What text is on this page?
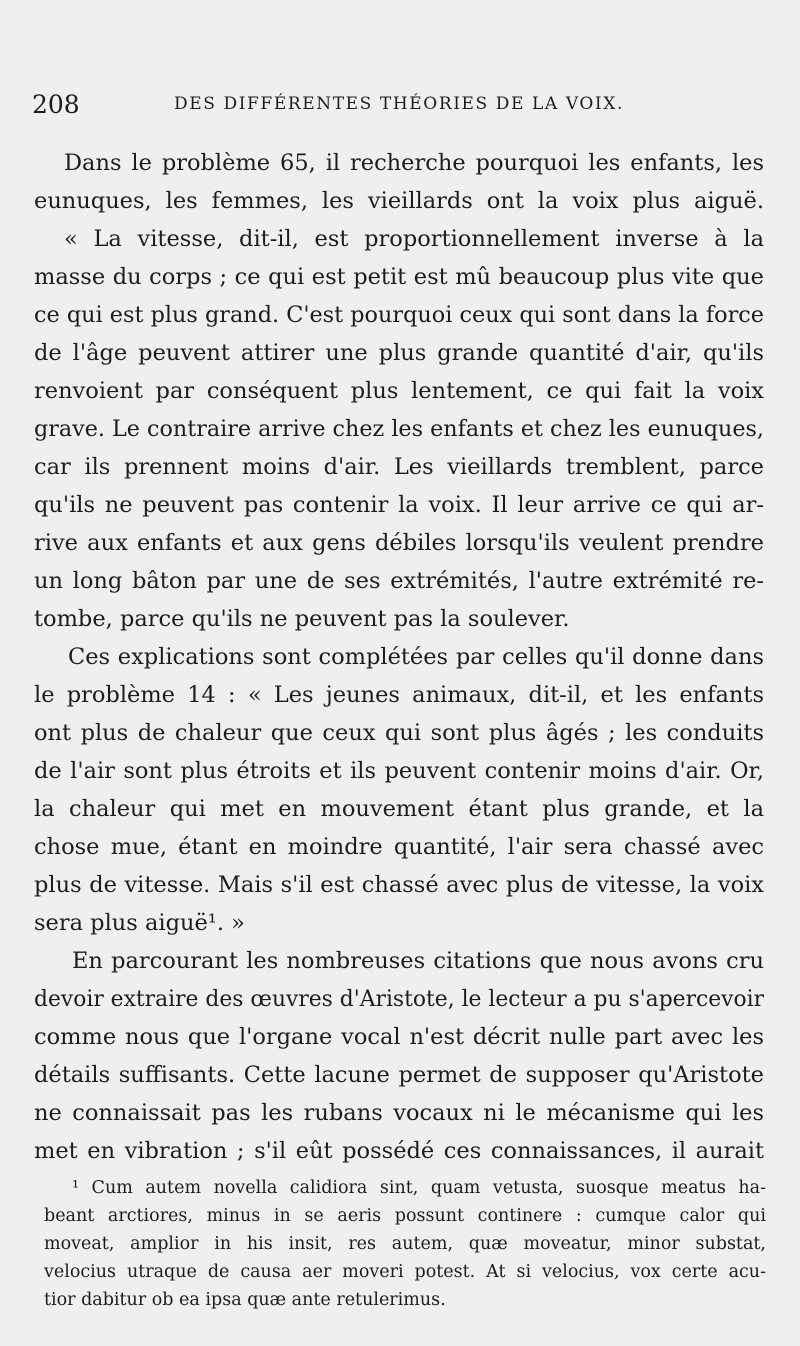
208	DES DIFFÉRENTES THÉORIES DE LA VOIX.
Dans le problème 65, il recherche pourquoi les enfants, les
eunuques, les femmes, les vieillards ont la voix plus aiguë.
« La vitesse, dit-il, est proportionnellement inverse à la
masse du corps ; ce qui est petit est mû beaucoup plus vite que
ce qui est plus grand. C'est pourquoi ceux qui sont dans la force
de l'âge peuvent attirer une plus grande quantité d'air, qu'ils
renvoient par conséquent plus lentement, ce qui fait la voix
grave. Le contraire arrive chez les enfants et chez les eunuques,
car ils prennent moins d'air. Les vieillards tremblent, parce
qu'ils ne peuvent pas contenir la voix. Il leur arrive ce qui ar-
rive aux enfants et aux gens débiles lorsqu'ils veulent prendre
un long bâton par une de ses extrémités, l'autre extrémité re-
tombe, parce qu'ils ne peuvent pas la soulever.
Ces explications sont complétées par celles qu'il donne dans
le problème 14 : « Les jeunes animaux, dit-il, et les enfants
ont plus de chaleur que ceux qui sont plus âgés ; les conduits
de l'air sont plus étroits et ils peuvent contenir moins d'air. Or,
la chaleur qui met en mouvement étant plus grande, et la
chose mue, étant en moindre quantité, l'air sera chassé avec
plus de vitesse. Mais s'il est chassé avec plus de vitesse, la voix
sera plus aiguë¹. »
En parcourant les nombreuses citations que nous avons cru
devoir extraire des œuvres d'Aristote, le lecteur a pu s'apercevoir
comme nous que l'organe vocal n'est décrit nulle part avec les
détails suffisants. Cette lacune permet de supposer qu'Aristote
ne connaissait pas les rubans vocaux ni le mécanisme qui les
met en vibration ; s'il eût possédé ces connaissances, il aurait
¹ Cum autem novella calidiora sint, quam vetusta, suosque meatus ha-
beant arctiores, minus in se aeris possunt continere : cumque calor qui
moveat, amplior in his insit, res autem, quæ moveatur, minor substat,
velocius utraque de causa aer moveri potest. At si velocius, vox certe acu-
tior dabitur ob ea ipsa quæ ante retulerimus.
